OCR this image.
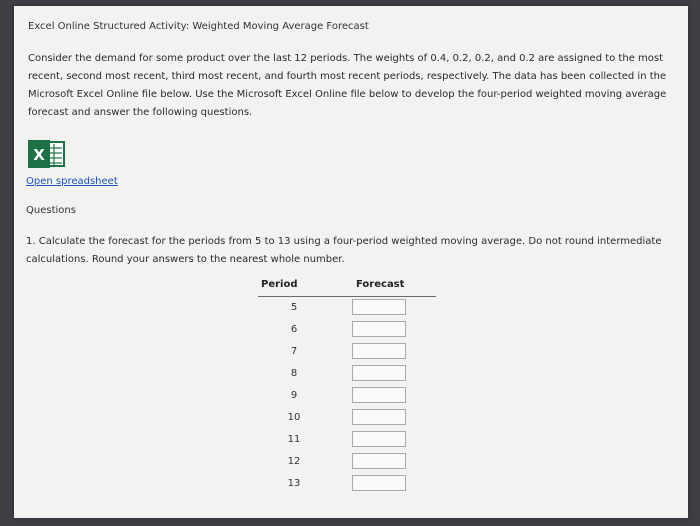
Excel Online Structured Activity: Weighted Moving Average Forecast
Consider the demand for some product over the last 12 periods. The weights of 0.4, 0.2, 0.2, and 0.2 are assigned to the most recent, second most recent, third most recent, and fourth most recent periods, respectively. The data has been collected in the Microsoft Excel Online file below. Use the Microsoft Excel Online file below to develop the four-period weighted moving average forecast and answer the following questions.
X
Open spreadsheet
Questions
1. Calculate the forecast for the periods from 5 to 13 using a four-period weighted moving average. Do not round intermediate calculations. Round your answers to the nearest whole number.
Period	Forecast
5
6
7
8
9
10
11
12
13
